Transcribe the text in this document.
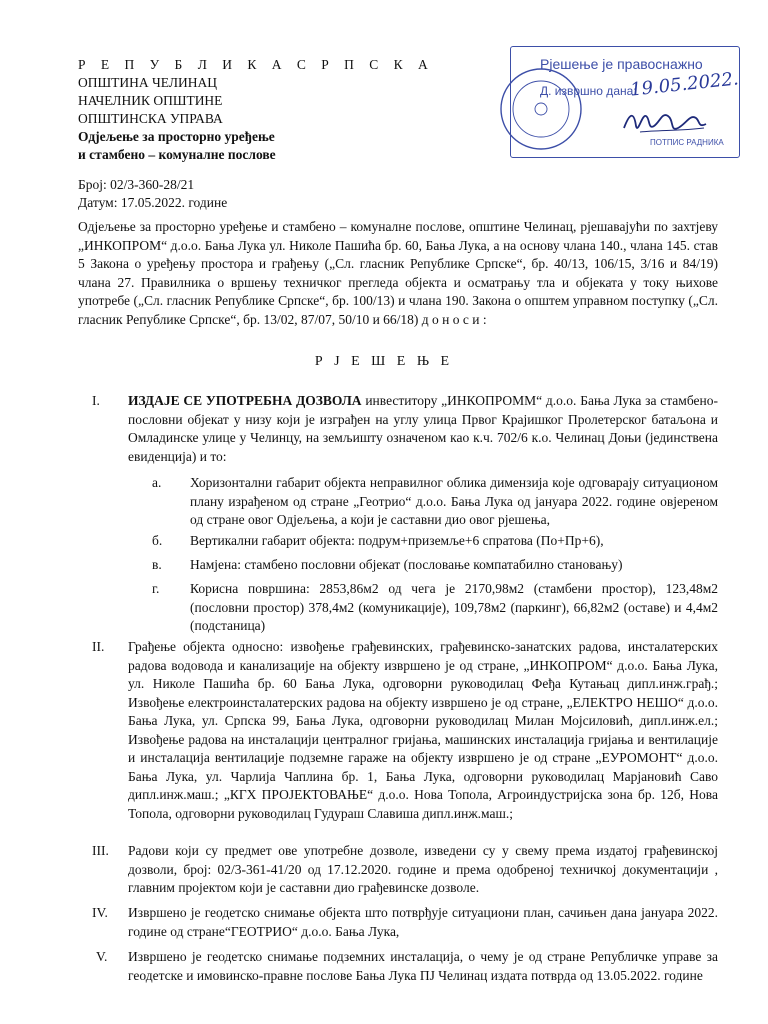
Р Е П У Б Л И К А С Р П С К А
ОПШТИНА ЧЕЛИНАЦ
НАЧЕЛНИК ОПШТИНЕ
ОПШТИНСКА УПРАВА
Одјељење за просторно уређење
и стамбено – комуналне послове
Рјешење је правоснажно
Д. извршно дана:
19.05.2022.
ПОТПИС РАДНИКА
Број: 02/3-360-28/21
Датум: 17.05.2022. године
Одјељење за просторно уређење и стамбено – комуналне послове, општине Челинац, рјешавајући по захтјеву „ИНКОПРОМ“ д.о.о. Бања Лука ул. Николе Пашића бр. 60, Бања Лука, а на основу члана 140., члана 145. став 5 Закона о уређењу простора и грађењу („Сл. гласник Републике Српске“, бр. 40/13, 106/15, 3/16 и 84/19) члана 27. Правилника о вршењу техничког прегледа објекта и осматрању тла и објеката у току њихове употребе („Сл. гласник Републике Српске“, бр. 100/13) и члана 190. Закона о општем управном поступку („Сл. гласник Републике Српске“, бр. 13/02, 87/07, 50/10 и 66/18) д о н о с и :
Р Ј Е Ш Е Њ Е
I. ИЗДАЈЕ СЕ УПОТРЕБНА ДОЗВОЛА инвеститору „ИНКОПРОММ“ д.о.о. Бања Лука за стамбено-пословни објекат у низу који је изграђен на углу улица Првог Крајишког Пролетерског батаљона и Омладинске улице у Челинцу, на земљишту означеном као к.ч. 702/6 к.о. Челинац Доњи (јединствена евиденција) и то:
a. Хоризонтални габарит објекта неправилног облика димензија које одговарају ситуационом плану израђеном од стране „Геотрио“ д.о.о. Бања Лука од јануара 2022. године овјереном од стране овог Одјељења, а који је саставни дио овог рјешења,
б. Вертикални габарит објекта: подрум+приземље+6 спратова (По+Пр+6),
в. Намјена: стамбено пословни објекат (пословање компатабилно становању)
г. Корисна површина: 2853,86м2 од чега је 2170,98м2 (стамбени простор), 123,48м2 (пословни простор) 378,4м2 (комуникације), 109,78м2 (паркинг), 66,82м2 (оставе) и 4,4м2 (подстаница)
II. Грађење објекта односно: извођење грађевинских, грађевинско-занатских радова, инсталатерских радова водовода и канализације на објекту извршено је од стране, „ИНКОПРОМ“ д.о.о. Бања Лука, ул. Николе Пашића бр. 60 Бања Лука, одговорни руководилац Феђа Кутањац дипл.инж.грађ.; Извођење електроинсталатерских радова на објекту извршено је од стране, „ЕЛЕКТРО НЕШО“ д.о.о. Бања Лука, ул. Српска 99, Бања Лука, одговорни руководилац Милан Мојсиловић, дипл.инж.ел.; Извођење радова на инсталацији централног гријања, машинских инсталација гријања и вентилације и инсталација вентилације подземне гараже на објекту извршено је од стране „ЕУРОМОНТ“ д.о.о. Бања Лука, ул. Чарлија Чаплина бр. 1, Бања Лука, одговорни руководилац Марјановић Саво дипл.инж.маш.; „КГХ ПРОЈЕКТОВАЊЕ“ д.о.о. Нова Топола, Агроиндустријска зона бр. 12б, Нова Топола, одговорни руководилац Гудураш Славиша дипл.инж.маш.;
III. Радови који су предмет ове употребне дозволе, изведени су у свему према издатој грађевинској дозволи, број: 02/3-361-41/20 од 17.12.2020. године и према одобреној техничкој документацији , главним пројектом који је саставни дио грађевинске дозволе.
IV. Извршено је геодетско снимање објекта што потврђује ситуациони план, сачињен дана јануара 2022. године од стране“ГЕОТРИО“ д.о.о. Бања Лука,
V. Извршено је геодетско снимање подземних инсталација, о чему је од стране Републичке управе за геодетске и имовинско-правне послове Бања Лука ПЈ Челинац издата потврда од 13.05.2022. године
